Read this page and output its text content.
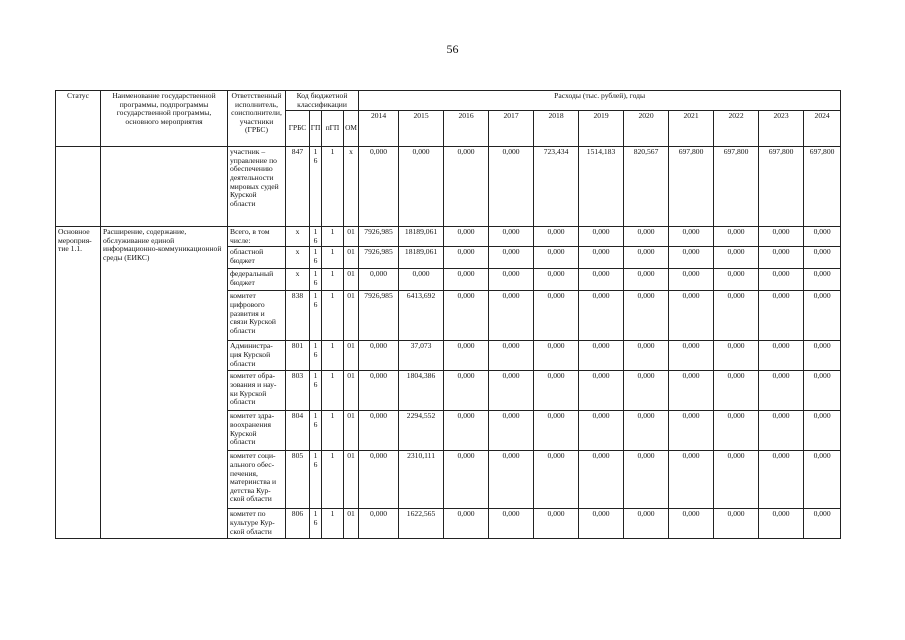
56
Статус	Наименование государственной программы, подпрограммы государственной программы, основного мероприятия	Ответственный исполнитель, соисполнители, участники (ГРБС)	Код бюджетной классификации				Расходы (тыс. рублей), годы										
			ГРБС	ГП	пГП	ОМ	2014	2015	2016	2017	2018	2019	2020	2021	2022	2023	2024
		участник – управление по обеспечению деятельности мировых судей Курской области	847	16	1	х	0,000	0,000	0,000	0,000	723,434	1514,183	820,567	697,800	697,800	697,800	697,800
Основное мероприя-тие 1.1.	Расширение, содержание, обслуживание единой информационно-коммуникационной среды (ЕИКС)	Всего, в том числе:	х	16	1	01	7926,985	18189,061	0,000	0,000	0,000	0,000	0,000	0,000	0,000	0,000	0,000
		областной бюджет	х	16	1	01	7926,985	18189,061	0,000	0,000	0,000	0,000	0,000	0,000	0,000	0,000	0,000
		федеральный бюджет	х	16	1	01	0,000	0,000	0,000	0,000	0,000	0,000	0,000	0,000	0,000	0,000	0,000
		комитет цифрового развития и связи Курской области	838	16	1	01	7926,985	6413,692	0,000	0,000	0,000	0,000	0,000	0,000	0,000	0,000	0,000
		Администра-ция Курской области	801	16	1	01	0,000	37,073	0,000	0,000	0,000	0,000	0,000	0,000	0,000	0,000	0,000
		комитет обра-зования и нау-ки Курской области	803	16	1	01	0,000	1804,386	0,000	0,000	0,000	0,000	0,000	0,000	0,000	0,000	0,000
		комитет здра-воохранения Курской области	804	16	1	01	0,000	2294,552	0,000	0,000	0,000	0,000	0,000	0,000	0,000	0,000	0,000
		комитет соци-ального обес-печения, материнства и детства Кур-ской области	805	16	1	01	0,000	2310,111	0,000	0,000	0,000	0,000	0,000	0,000	0,000	0,000	0,000
		комитет по культуре Кур-ской области	806	16	1	01	0,000	1622,565	0,000	0,000	0,000	0,000	0,000	0,000	0,000	0,000	0,000
